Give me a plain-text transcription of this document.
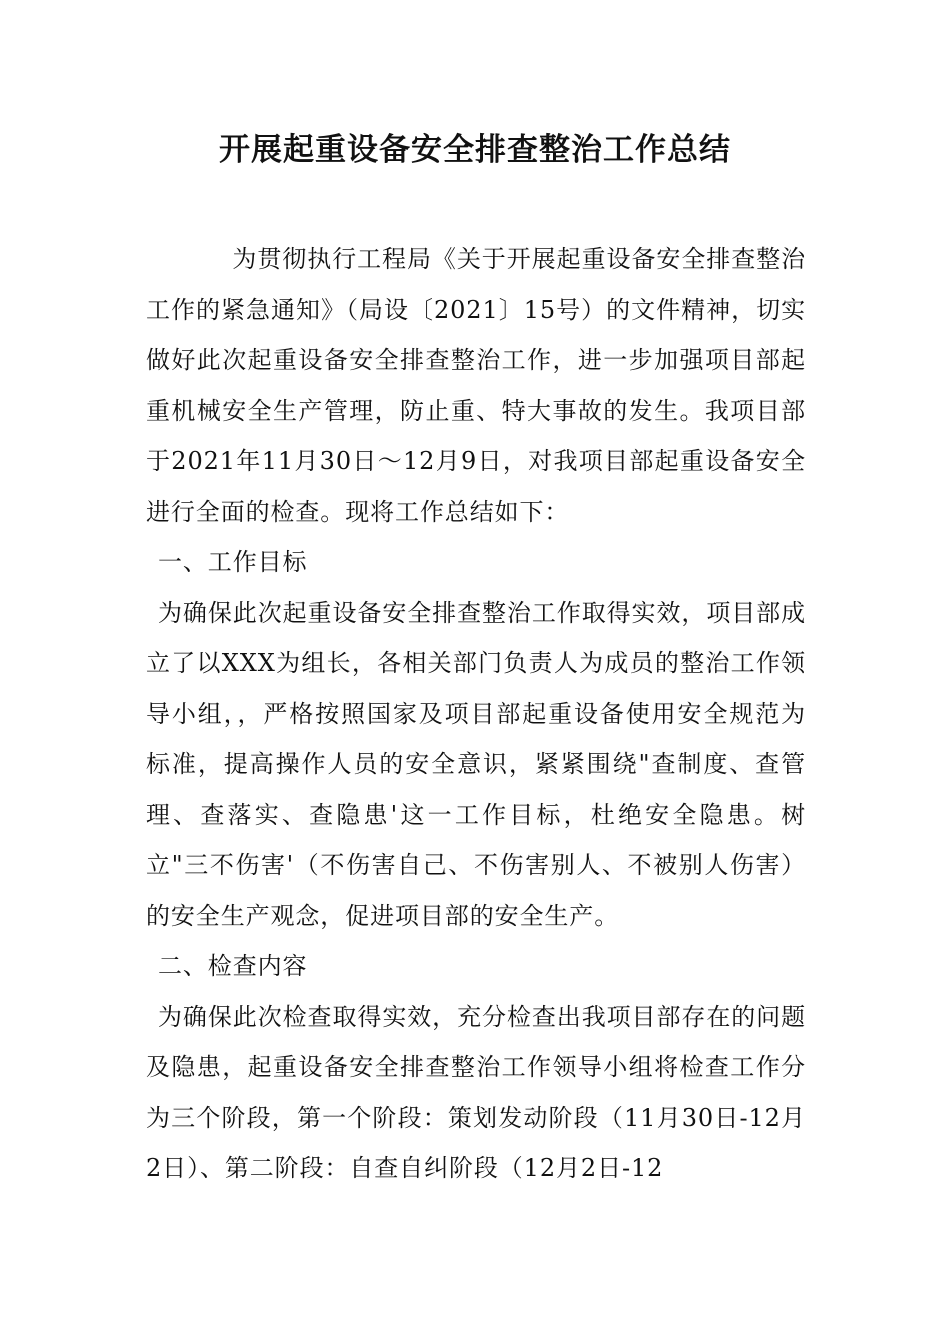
开展起重设备安全排查整治工作总结

为贯彻执行工程局《关于开展起重设备安全排查整治工作的紧急通知》（局设〔2021〕15号）的文件精神，切实做好此次起重设备安全排查整治工作，进一步加强项目部起重机械安全生产管理，防止重、特大事故的发生。我项目部于2021年11月30日～12月9日，对我项目部起重设备安全进行全面的检查。现将工作总结如下：

一、工作目标

为确保此次起重设备安全排查整治工作取得实效，项目部成立了以XXX为组长，各相关部门负责人为成员的整治工作领导小组，，严格按照国家及项目部起重设备使用安全规范为标准，提高操作人员的安全意识，紧紧围绕"查制度、查管理、查落实、查隐患'这一工作目标，杜绝安全隐患。树立"三不伤害'（不伤害自己、不伤害别人、不被别人伤害）的安全生产观念，促进项目部的安全生产。

二、检查内容

为确保此次检查取得实效，充分检查出我项目部存在的问题及隐患，起重设备安全排查整治工作领导小组将检查工作分为三个阶段，第一个阶段：策划发动阶段（11月30日-12月2日）、第二阶段：自查自纠阶段（12月2日-12
